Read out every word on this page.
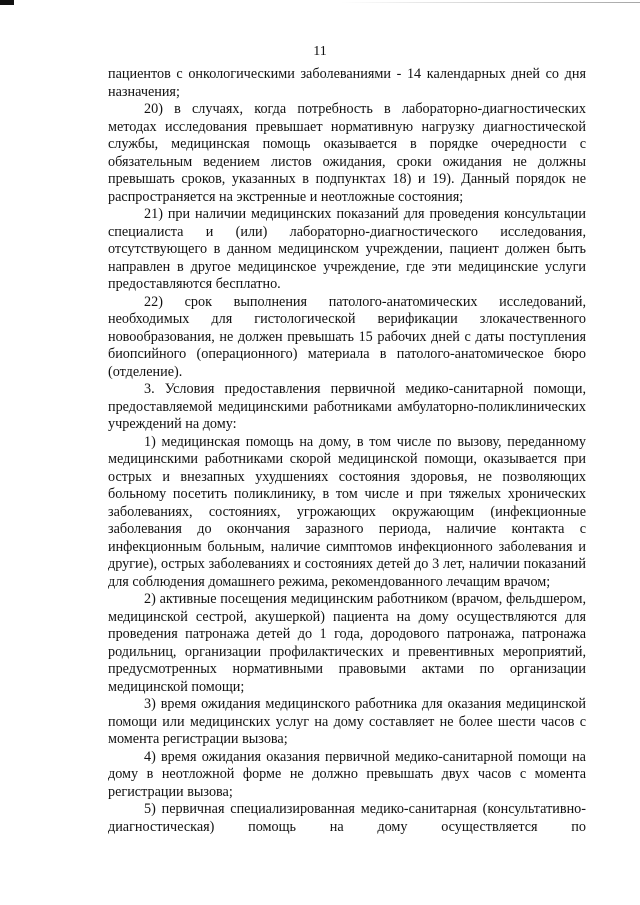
11

пациентов с онкологическими заболеваниями - 14 календарных дней со дня назначения;

20) в случаях, когда потребность в лабораторно-диагностических методах исследования превышает нормативную нагрузку диагностической службы, медицинская помощь оказывается в порядке очередности с обязательным ведением листов ожидания, сроки ожидания не должны превышать сроков, указанных в подпунктах 18) и 19). Данный порядок не распространяется на экстренные и неотложные состояния;

21) при наличии медицинских показаний для проведения консультации специалиста и (или) лабораторно-диагностического исследования, отсутствующего в данном медицинском учреждении, пациент должен быть направлен в другое медицинское учреждение, где эти медицинские услуги предоставляются бесплатно.

22) срок выполнения патолого-анатомических исследований, необходимых для гистологической верификации злокачественного новообразования, не должен превышать 15 рабочих дней с даты поступления биопсийного (операционного) материала в патолого-анатомическое бюро (отделение).

3. Условия предоставления первичной медико-санитарной помощи, предоставляемой медицинскими работниками амбулаторно-поликлинических учреждений на дому:

1) медицинская помощь на дому, в том числе по вызову, переданному медицинскими работниками скорой медицинской помощи, оказывается при острых и внезапных ухудшениях состояния здоровья, не позволяющих больному посетить поликлинику, в том числе и при тяжелых хронических заболеваниях, состояниях, угрожающих окружающим (инфекционные заболевания до окончания заразного периода, наличие контакта с инфекционным больным, наличие симптомов инфекционного заболевания и другие), острых заболеваниях и состояниях детей до 3 лет, наличии показаний для соблюдения домашнего режима, рекомендованного лечащим врачом;

2) активные посещения медицинским работником (врачом, фельдшером, медицинской сестрой, акушеркой) пациента на дому осуществляются для проведения патронажа детей до 1 года, дородового патронажа, патронажа родильниц, организации профилактических и превентивных мероприятий, предусмотренных нормативными правовыми актами по организации медицинской помощи;

3) время ожидания медицинского работника для оказания медицинской помощи или медицинских услуг на дому составляет не более шести часов с момента регистрации вызова;

4) время ожидания оказания первичной медико-санитарной помощи на дому в неотложной форме не должно превышать двух часов с момента регистрации вызова;

5) первичная специализированная медико-санитарная (консультативно-диагностическая) помощь на дому осуществляется по
